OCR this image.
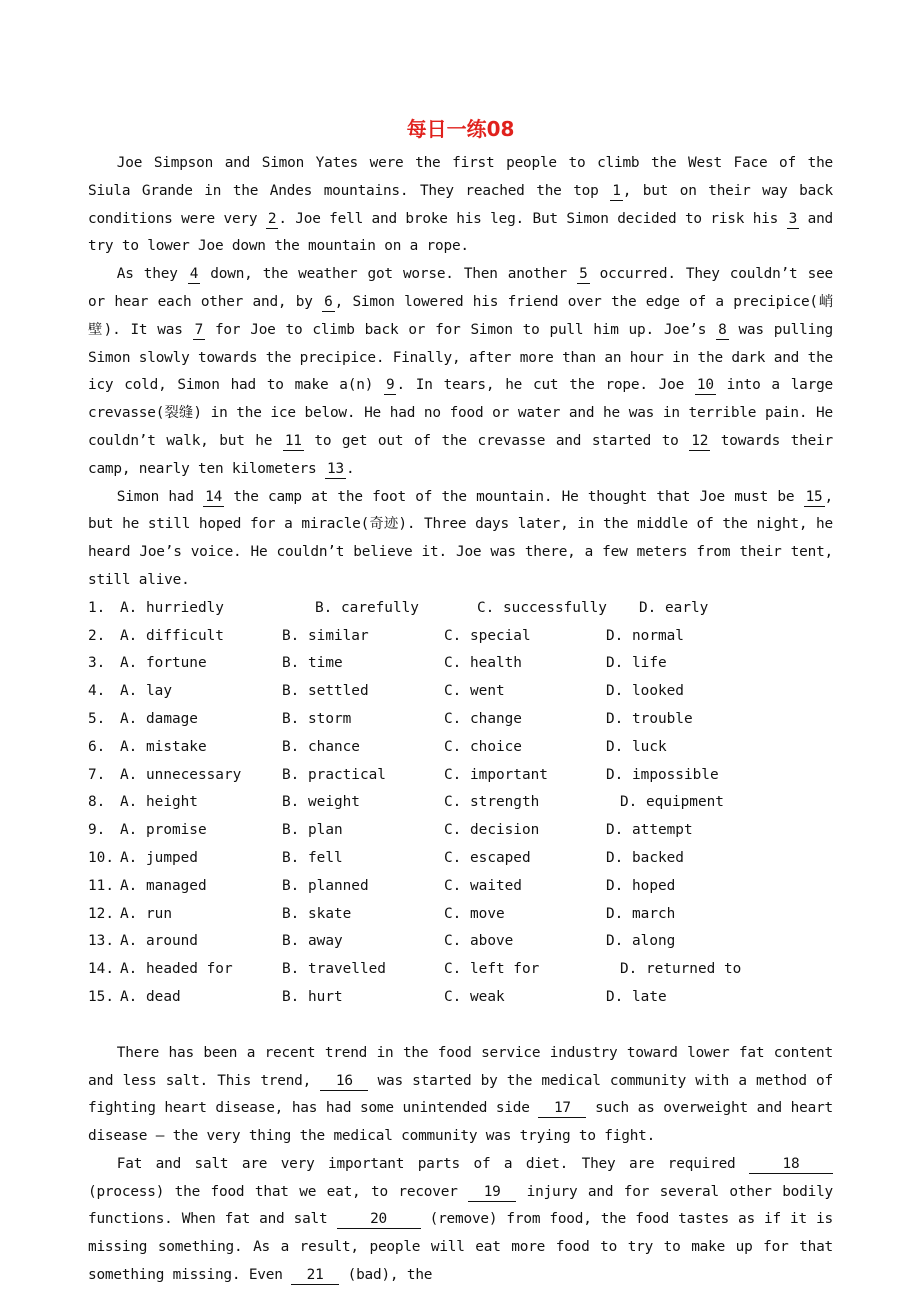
每日一练08

Joe Simpson and Simon Yates were the first people to climb the West Face of the Siula Grande in the Andes mountains. They reached the top 1 , but on their way back conditions were very 2 . Joe fell and broke his leg. But Simon decided to risk his 3 and try to lower Joe down the mountain on a rope.

As they 4 down, the weather got worse. Then another 5 occurred. They couldn’t see or hear each other and, by 6 , Simon lowered his friend over the edge of a precipice(峭壁). It was 7 for Joe to climb back or for Simon to pull him up. Joe’s 8 was pulling Simon slowly towards the precipice. Finally, after more than an hour in the dark and the icy cold, Simon had to make a(n) 9 . In tears, he cut the rope. Joe 10 into a large crevasse(裂缝) in the ice below. He had no food or water and he was in terrible pain. He couldn’t walk, but he 11 to get out of the crevasse and started to 12 towards their camp, nearly ten kilometers 13 .

Simon had 14 the camp at the foot of the mountain. He thought that Joe must be 15 , but he still hoped for a miracle(奇迹). Three days later, in the middle of the night, he heard Joe’s voice. He couldn’t believe it. Joe was there, a few meters from their tent, still alive.

1.	A. hurriedly	B. carefully	C. successfully	D. early
2.	A. difficult	B. similar	C. special	D. normal
3.	A. fortune	B. time	C. health	D. life
4.	A. lay	B. settled	C. went	D. looked
5.	A. damage	B. storm	C. change	D. trouble
6.	A. mistake	B. chance	C. choice	D. luck
7.	A. unnecessary	B. practical	C. important	D. impossible
8.	A. height	B. weight	C. strength	D. equipment
9.	A. promise	B. plan	C. decision	D. attempt
10. A. jumped	B. fell	C. escaped	D. backed
11. A. managed	B. planned	C. waited	D. hoped
12. A. run	B. skate	C. move	D. march
13. A. around	B. away	C. above	D. along
14. A. headed for	B. travelled	C. left for	D. returned to
15. A. dead	B. hurt	C. weak	D. late

There has been a recent trend in the food service industry toward lower fat content and less salt. This trend, 16 was started by the medical community with a method of fighting heart disease, has had some unintended side 17 such as overweight and heart disease — the very thing the medical community was trying to fight.

Fat and salt are very important parts of a diet. They are required 18 (process) the food that we eat, to recover 19 injury and for several other bodily functions. When fat and salt 20 (remove) from food, the food tastes as if it is missing something. As a result, people will eat more food to try to make up for that something missing. Even 21 (bad), the
